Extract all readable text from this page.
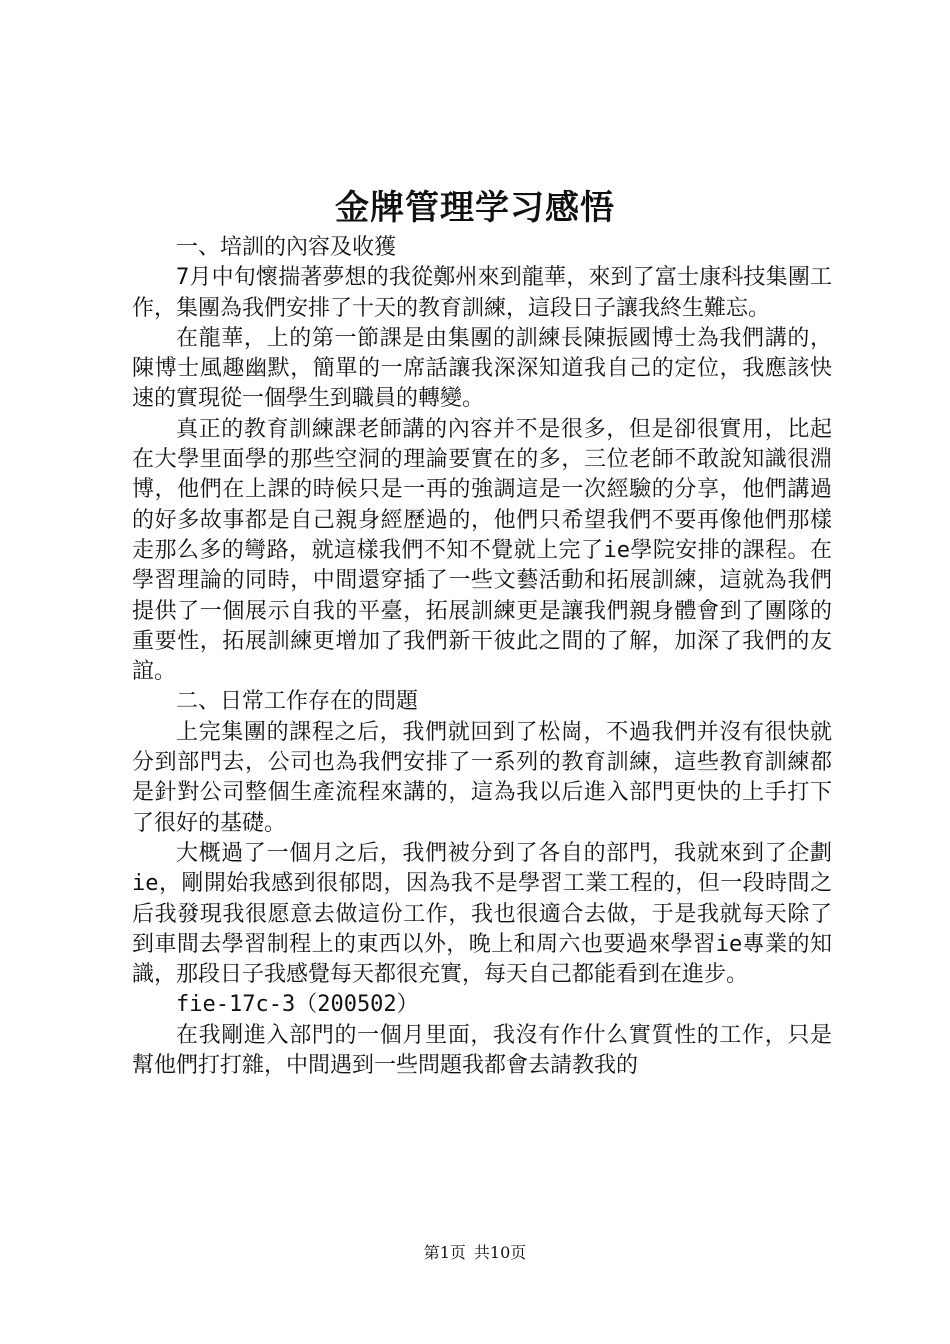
金牌管理学习感悟

一、培訓的內容及收獲

7月中旬懷揣著夢想的我從鄭州來到龍華，來到了富士康科技集團工作，集團為我們安排了十天的教育訓練，這段日子讓我終生難忘。

在龍華，上的第一節課是由集團的訓練長陳振國博士為我們講的，陳博士風趣幽默，簡單的一席話讓我深深知道我自己的定位，我應該快速的實現從一個學生到職員的轉變。

真正的教育訓練課老師講的內容并不是很多，但是卻很實用，比起在大學里面學的那些空洞的理論要實在的多，三位老師不敢說知識很淵博，他們在上課的時候只是一再的強調這是一次經驗的分享，他們講過的好多故事都是自己親身經歷過的，他們只希望我們不要再像他們那樣走那么多的彎路，就這樣我們不知不覺就上完了ie學院安排的課程。在學習理論的同時，中間還穿插了一些文藝活動和拓展訓練，這就為我們提供了一個展示自我的平臺，拓展訓練更是讓我們親身體會到了團隊的重要性，拓展訓練更增加了我們新干彼此之間的了解，加深了我們的友誼。

二、日常工作存在的問題

上完集團的課程之后，我們就回到了松崗，不過我們并沒有很快就分到部門去，公司也為我們安排了一系列的教育訓練，這些教育訓練都是針對公司整個生產流程來講的，這為我以后進入部門更快的上手打下了很好的基礎。

大概過了一個月之后，我們被分到了各自的部門，我就來到了企劃ie，剛開始我感到很郁悶，因為我不是學習工業工程的，但一段時間之后我發現我很愿意去做這份工作，我也很適合去做，于是我就每天除了到車間去學習制程上的東西以外，晚上和周六也要過來學習ie專業的知識，那段日子我感覺每天都很充實，每天自己都能看到在進步。

fie-17c-3（200502）

在我剛進入部門的一個月里面，我沒有作什么實質性的工作，只是幫他們打打雜，中間遇到一些問題我都會去請教我的

第1页 共10页
